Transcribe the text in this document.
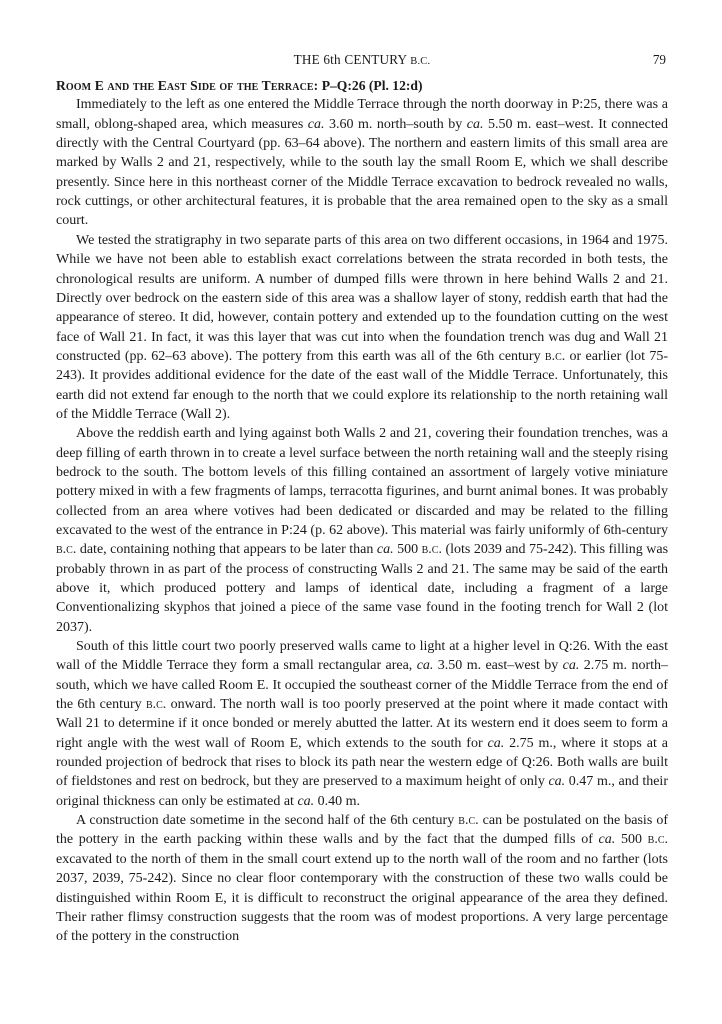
THE 6th CENTURY B.C.	79
Room E and the East Side of the Terrace: P–Q:26 (Pl. 12:d)

Immediately to the left as one entered the Middle Terrace through the north doorway in P:25, there was a small, oblong-shaped area, which measures ca. 3.60 m. north–south by ca. 5.50 m. east–west. It connected directly with the Central Courtyard (pp. 63–64 above). The northern and eastern limits of this small area are marked by Walls 2 and 21, respectively, while to the south lay the small Room E, which we shall describe presently. Since here in this northeast corner of the Middle Terrace excavation to bedrock revealed no walls, rock cuttings, or other architectural features, it is probable that the area remained open to the sky as a small court.

We tested the stratigraphy in two separate parts of this area on two different occasions, in 1964 and 1975. While we have not been able to establish exact correlations between the strata recorded in both tests, the chronological results are uniform. A number of dumped fills were thrown in here behind Walls 2 and 21. Directly over bedrock on the eastern side of this area was a shallow layer of stony, reddish earth that had the appearance of stereo. It did, however, contain pottery and extended up to the foundation cutting on the west face of Wall 21. In fact, it was this layer that was cut into when the foundation trench was dug and Wall 21 constructed (pp. 62–63 above). The pottery from this earth was all of the 6th century b.c. or earlier (lot 75-243). It provides additional evidence for the date of the east wall of the Middle Terrace. Unfortunately, this earth did not extend far enough to the north that we could explore its relationship to the north retaining wall of the Middle Terrace (Wall 2).

Above the reddish earth and lying against both Walls 2 and 21, covering their foundation trenches, was a deep filling of earth thrown in to create a level surface between the north retaining wall and the steeply rising bedrock to the south. The bottom levels of this filling contained an assortment of largely votive miniature pottery mixed in with a few fragments of lamps, terracotta figurines, and burnt animal bones. It was probably collected from an area where votives had been dedicated or discarded and may be related to the filling excavated to the west of the entrance in P:24 (p. 62 above). This material was fairly uniformly of 6th-century b.c. date, containing nothing that appears to be later than ca. 500 b.c. (lots 2039 and 75-242). This filling was probably thrown in as part of the process of constructing Walls 2 and 21. The same may be said of the earth above it, which produced pottery and lamps of identical date, including a fragment of a large Conventionalizing skyphos that joined a piece of the same vase found in the footing trench for Wall 2 (lot 2037).

South of this little court two poorly preserved walls came to light at a higher level in Q:26. With the east wall of the Middle Terrace they form a small rectangular area, ca. 3.50 m. east–west by ca. 2.75 m. north–south, which we have called Room E. It occupied the southeast corner of the Middle Terrace from the end of the 6th century b.c. onward. The north wall is too poorly preserved at the point where it made contact with Wall 21 to determine if it once bonded or merely abutted the latter. At its western end it does seem to form a right angle with the west wall of Room E, which extends to the south for ca. 2.75 m., where it stops at a rounded projection of bedrock that rises to block its path near the western edge of Q:26. Both walls are built of fieldstones and rest on bedrock, but they are preserved to a maximum height of only ca. 0.47 m., and their original thickness can only be estimated at ca. 0.40 m.

A construction date sometime in the second half of the 6th century b.c. can be postulated on the basis of the pottery in the earth packing within these walls and by the fact that the dumped fills of ca. 500 b.c. excavated to the north of them in the small court extend up to the north wall of the room and no farther (lots 2037, 2039, 75-242). Since no clear floor contemporary with the construction of these two walls could be distinguished within Room E, it is difficult to reconstruct the original appearance of the area they defined. Their rather flimsy construction suggests that the room was of modest proportions. A very large percentage of the pottery in the construction
